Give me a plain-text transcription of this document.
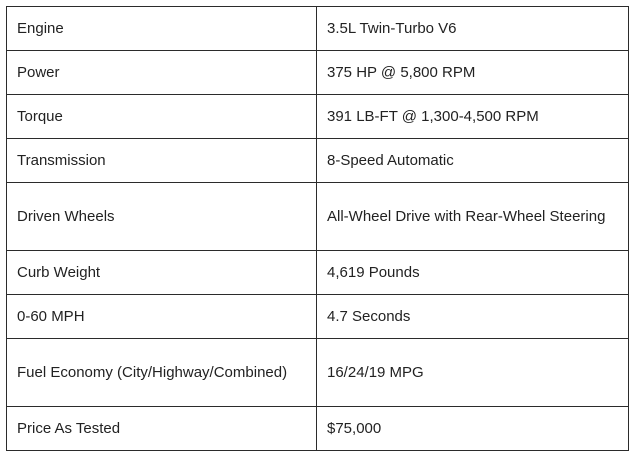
Engine	3.5L Twin-Turbo V6
Power	375 HP @ 5,800 RPM
Torque	391 LB-FT @ 1,300-4,500 RPM
Transmission	8-Speed Automatic
Driven Wheels	All-Wheel Drive with Rear-Wheel Steering
Curb Weight	4,619 Pounds
0-60 MPH	4.7 Seconds
Fuel Economy (City/Highway/Combined)	16/24/19 MPG
Price As Tested	$75,000
